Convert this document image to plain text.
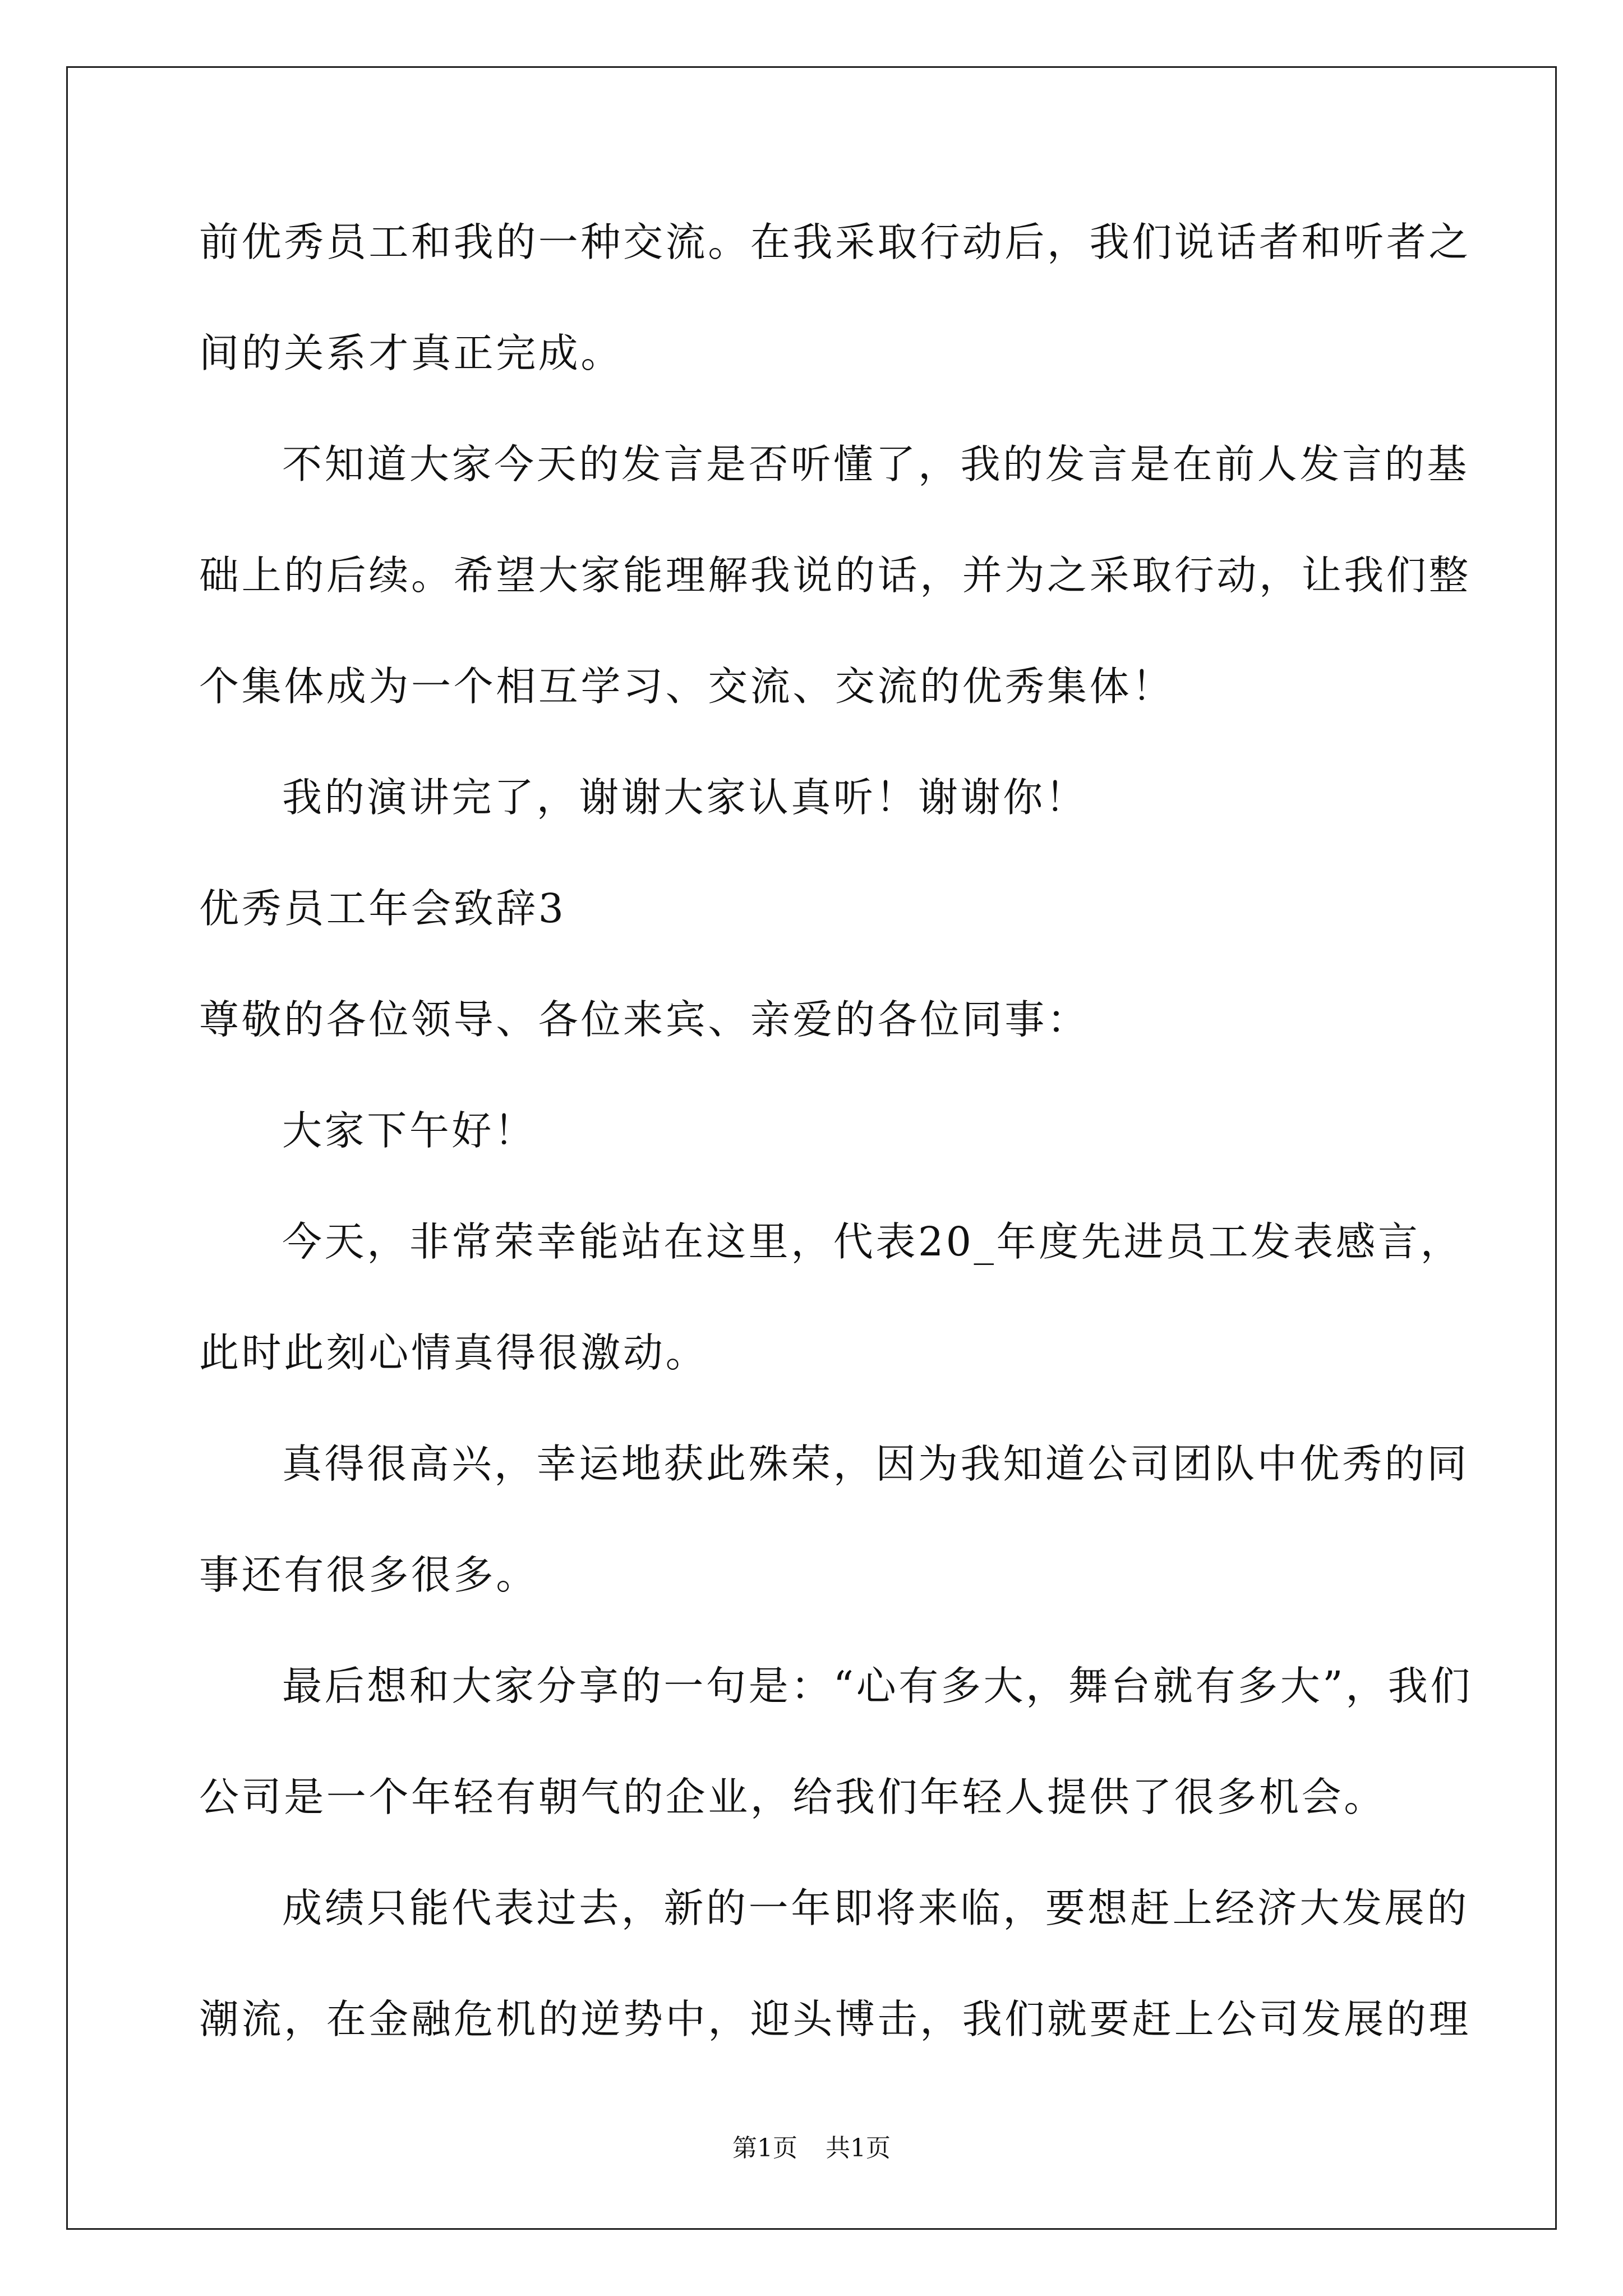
前优秀员工和我的一种交流。在我采取行动后，我们说话者和听者之
间的关系才真正完成。
不知道大家今天的发言是否听懂了，我的发言是在前人发言的基
础上的后续。希望大家能理解我说的话，并为之采取行动，让我们整
个集体成为一个相互学习、交流、交流的优秀集体！
我的演讲完了，谢谢大家认真听！谢谢你！
优秀员工年会致辞3
尊敬的各位领导、各位来宾、亲爱的各位同事：
大家下午好！
今天，非常荣幸能站在这里，代表20_年度先进员工发表感言，
此时此刻心情真得很激动。
真得很高兴，幸运地获此殊荣，因为我知道公司团队中优秀的同
事还有很多很多。
最后想和大家分享的一句是：“心有多大，舞台就有多大”，我们
公司是一个年轻有朝气的企业，给我们年轻人提供了很多机会。
成绩只能代表过去，新的一年即将来临，要想赶上经济大发展的
潮流，在金融危机的逆势中，迎头博击，我们就要赶上公司发展的理
第1页 共1页
